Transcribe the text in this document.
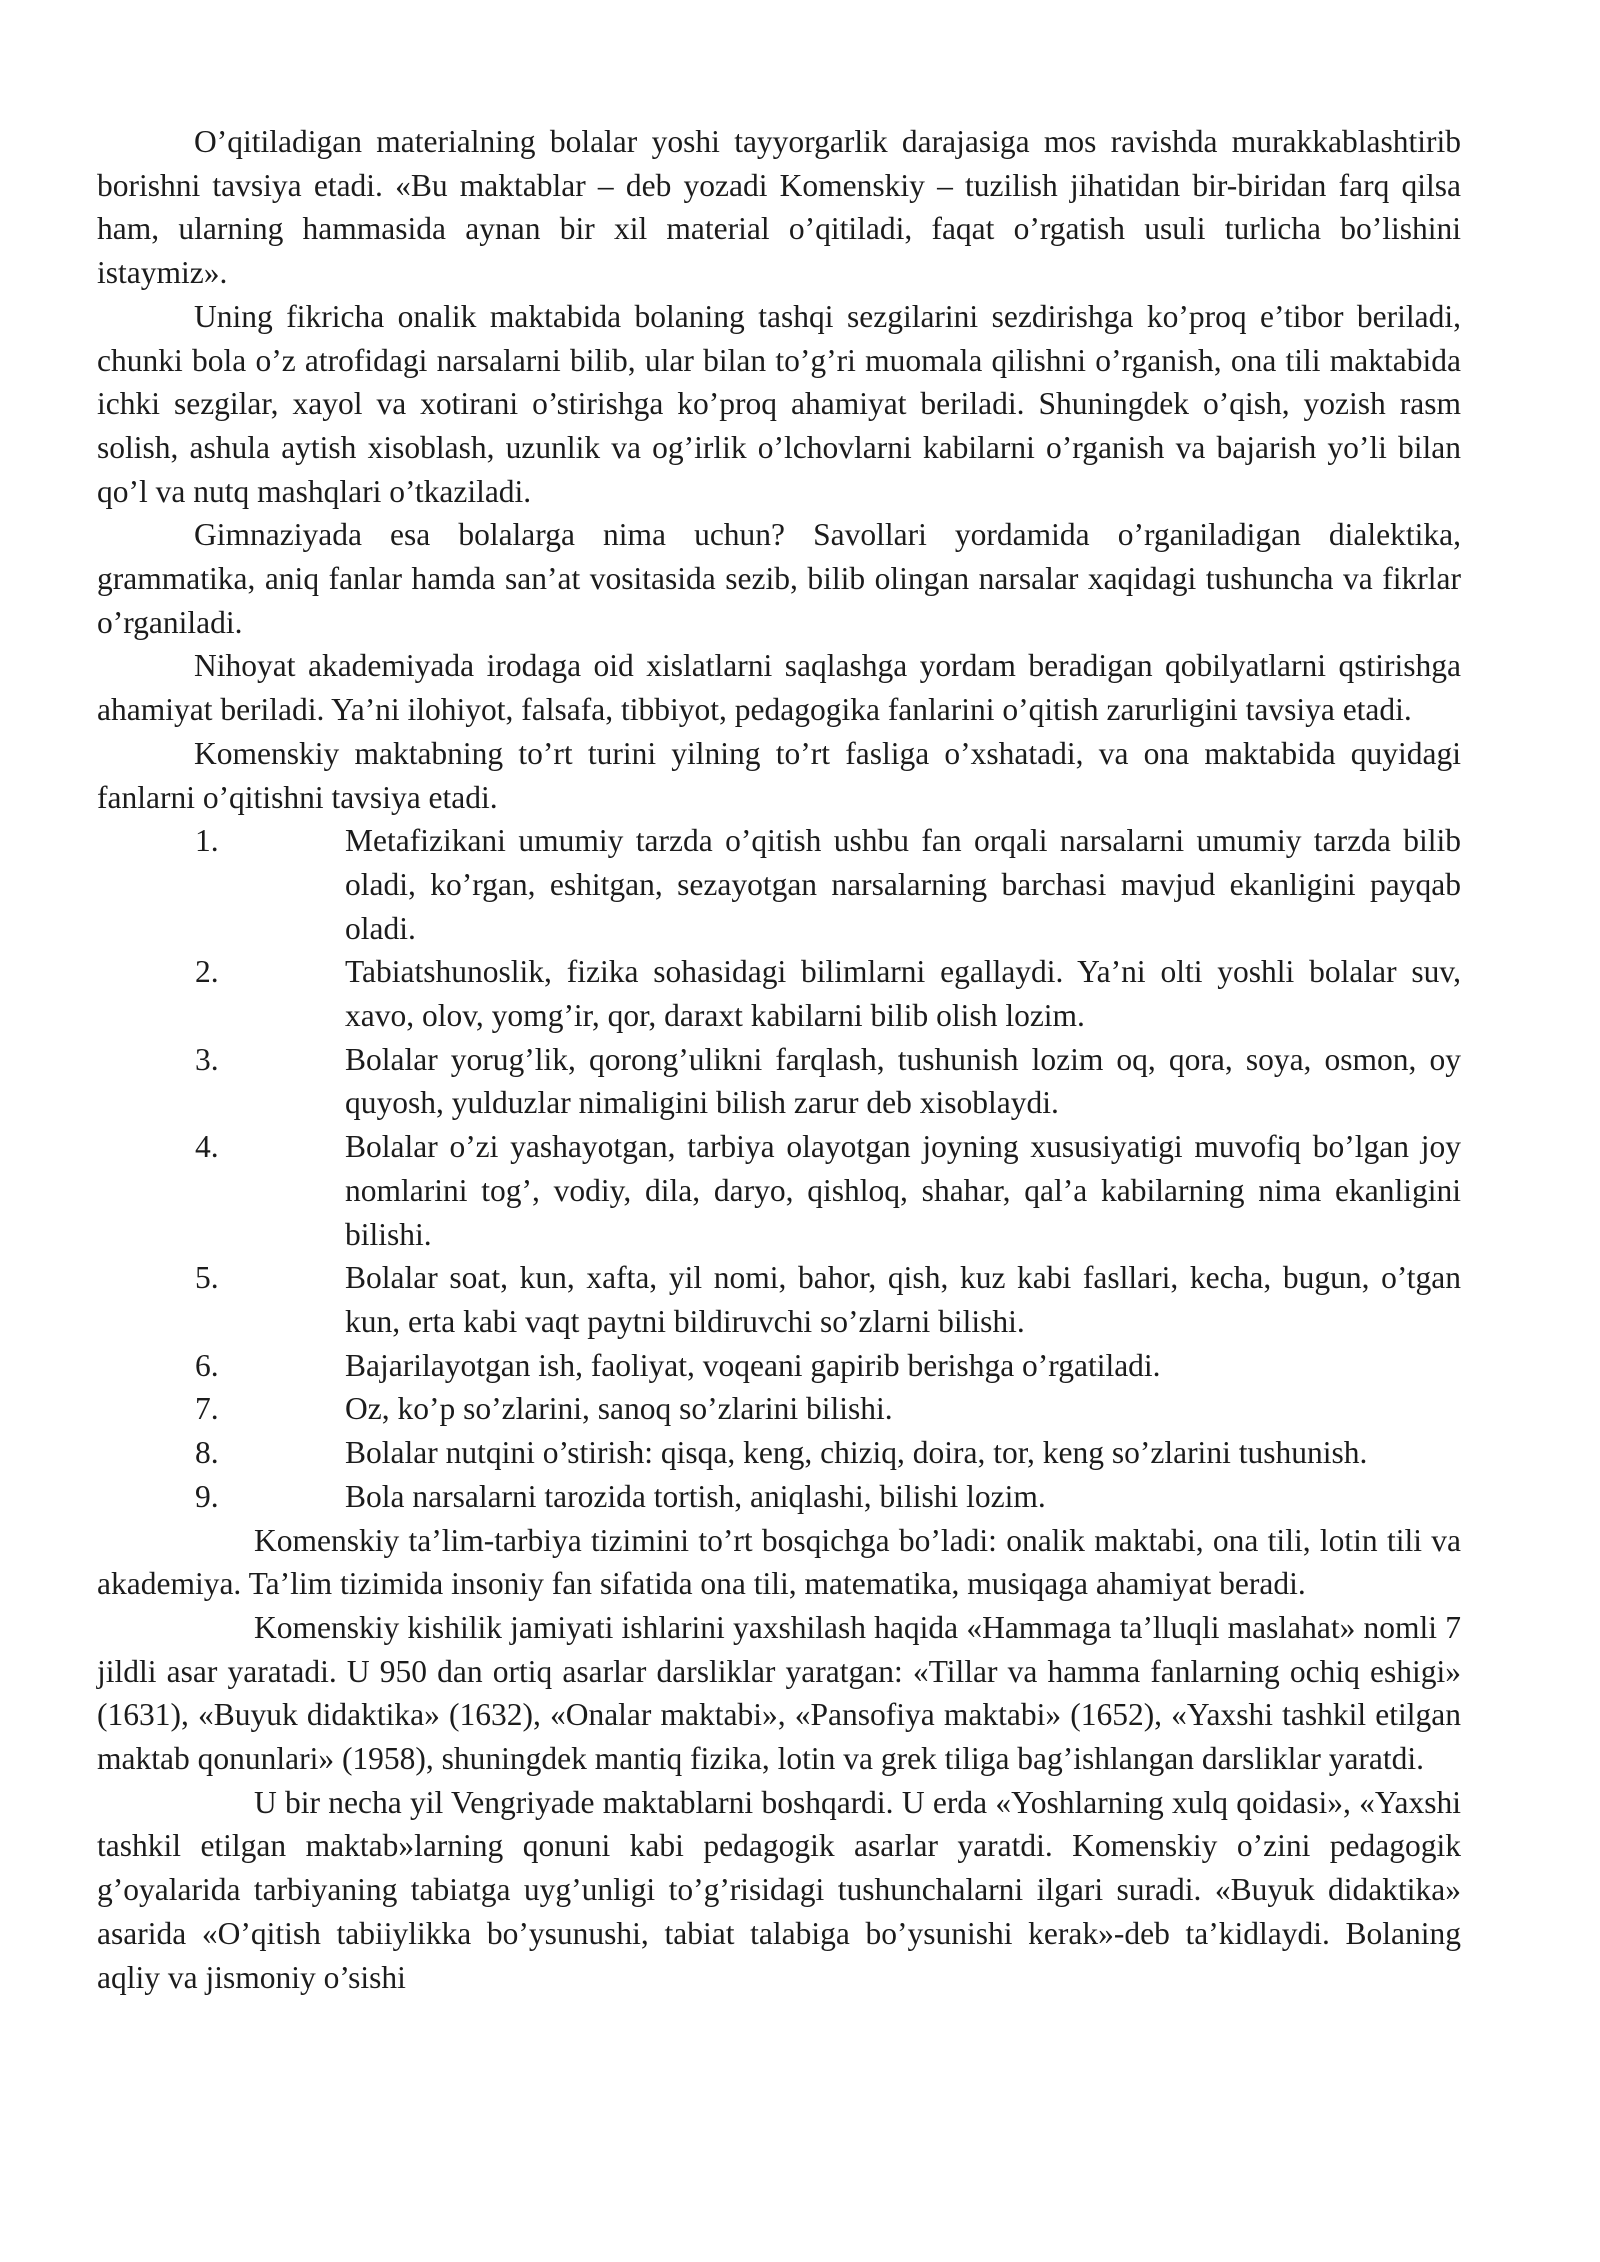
O’qitiladigan materialning bolalar yoshi tayyorgarlik darajasiga mos ravishda murakkablashtirib borishni tavsiya etadi. «Bu maktablar – deb yozadi Komenskiy – tuzilish jihatidan bir-biridan farq qilsa ham, ularning hammasida aynan bir xil material o’qitiladi, faqat o’rgatish usuli turlicha bo’lishini istaymiz».

Uning fikricha onalik maktabida bolaning tashqi sezgilarini sezdirishga ko’proq e’tibor beriladi, chunki bola o’z atrofidagi narsalarni bilib, ular bilan to’g’ri muomala qilishni o’rganish, ona tili maktabida ichki sezgilar, xayol va xotirani o’stirishga ko’proq ahamiyat beriladi. Shuningdek o’qish, yozish rasm solish, ashula aytish xisoblash, uzunlik va og’irlik o’lchovlarni kabilarni o’rganish va bajarish yo’li bilan qo’l va nutq mashqlari o’tkaziladi.

Gimnaziyada esa bolalarga nima uchun? Savollari yordamida o’rganiladigan dialektika, grammatika, aniq fanlar hamda san’at vositasida sezib, bilib olingan narsalar xaqidagi tushuncha va fikrlar o’rganiladi.

Nihoyat akademiyada irodaga oid xislatlarni saqlashga yordam beradigan qobilyatlarni qstirishga ahamiyat beriladi. Ya’ni ilohiyot, falsafa, tibbiyot, pedagogika fanlarini o’qitish zarurligini tavsiya etadi.

Komenskiy maktabning to’rt turini yilning to’rt fasliga o’xshatadi, va ona maktabida quyidagi fanlarni o’qitishni tavsiya etadi.

1.	Metafizikani umumiy tarzda o’qitish ushbu fan orqali narsalarni umumiy tarzda bilib oladi, ko’rgan, eshitgan, sezayotgan narsalarning barchasi mavjud ekanligini payqab oladi.
2.	Tabiatshunoslik, fizika sohasidagi bilimlarni egallaydi. Ya’ni olti yoshli bolalar suv, xavo, olov, yomg’ir, qor, daraxt kabilarni bilib olish lozim.
3.	Bolalar yorug’lik, qorong’ulikni farqlash, tushunish lozim oq, qora, soya, osmon, oy quyosh, yulduzlar nimaligini bilish zarur deb xisoblaydi.
4.	Bolalar o’zi yashayotgan, tarbiya olayotgan joyning xususiyatigi muvofiq bo’lgan joy nomlarini tog’, vodiy, dila, daryo, qishloq, shahar, qal’a kabilarning nima ekanligini bilishi.
5.	Bolalar soat, kun, xafta, yil nomi, bahor, qish, kuz kabi fasllari, kecha, bugun, o’tgan kun, erta kabi vaqt paytni bildiruvchi so’zlarni bilishi.
6.	Bajarilayotgan ish, faoliyat, voqeani gapirib berishga o’rgatiladi.
7.	Oz, ko’p so’zlarini, sanoq so’zlarini bilishi.
8.	Bolalar nutqini o’stirish: qisqa, keng, chiziq, doira, tor, keng so’zlarini tushunish.
9.	Bola narsalarni tarozida tortish, aniqlashi, bilishi lozim.

Komenskiy ta’lim-tarbiya tizimini to’rt bosqichga bo’ladi: onalik maktabi, ona tili, lotin tili va akademiya. Ta’lim tizimida insoniy fan sifatida ona tili, matematika, musiqaga ahamiyat beradi.

Komenskiy kishilik jamiyati ishlarini yaxshilash haqida «Hammaga ta’lluqli maslahat» nomli 7 jildli asar yaratadi. U 950 dan ortiq asarlar darsliklar yaratgan: «Tillar va hamma fanlarning ochiq eshigi» (1631), «Buyuk didaktika» (1632), «Onalar maktabi», «Pansofiya maktabi» (1652), «Yaxshi tashkil etilgan maktab qonunlari» (1958), shuningdek mantiq fizika, lotin va grek tiliga bag’ishlangan darsliklar yaratdi.

U bir necha yil Vengriyade maktablarni boshqardi. U erda «Yoshlarning xulq qoidasi», «Yaxshi tashkil etilgan maktab»larning qonuni kabi pedagogik asarlar yaratdi. Komenskiy o’zini pedagogik g’oyalarida tarbiyaning tabiatga uyg’unligi to’g’risidagi tushunchalarni ilgari suradi. «Buyuk didaktika» asarida «O’qitish tabiiylikka bo’ysunushi, tabiat talabiga bo’ysunishi kerak»-deb ta’kidlaydi. Bolaning aqliy va jismoniy o’sishi
